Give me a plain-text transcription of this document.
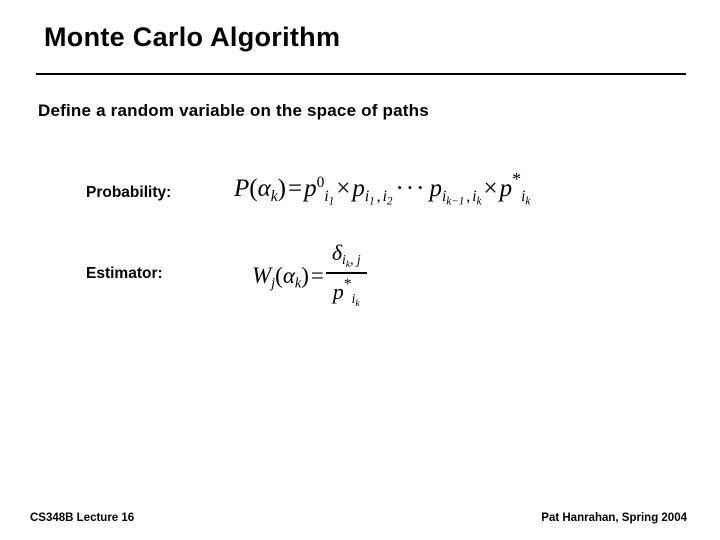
Monte Carlo Algorithm
Define a random variable on the space of paths
Probability:
Estimator:
$P(\alpha_k)=p^0_{i_1}\times p_{i_1 , i_2}$ ··· $p_{i_{k-1} , i_k}\times p^*_{i_k}$
$W_j(\alpha_k)= \frac{\delta_{i_k, j}}{p^*_{i_k}}$
CS348B Lecture 16	Pat Hanrahan, Spring 2004
